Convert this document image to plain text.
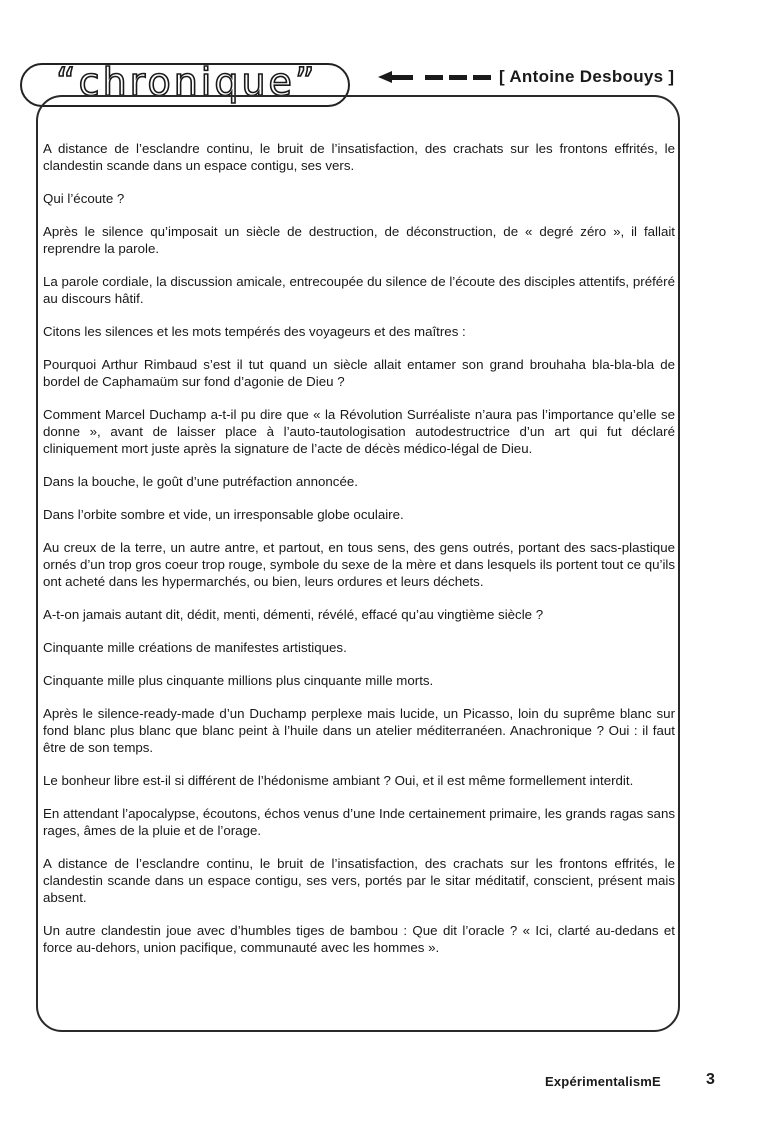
“chronique”	[ Antoine Desbouys ]

A distance de l’esclandre continu, le bruit de l’insatisfaction, des crachats sur les frontons effrités, le clandestin scande dans un espace contigu, ses vers.

Qui l’écoute ?

Après le silence qu’imposait un siècle de destruction, de déconstruction, de « degré zéro », il fallait reprendre la parole.

La parole cordiale, la discussion amicale, entrecoupée du silence de l’écoute des disciples attentifs, préféré au discours hâtif.

Citons les silences et les mots tempérés des voyageurs et des maîtres :

Pourquoi Arthur Rimbaud s’est il tut quand un siècle allait entamer son grand brouhaha bla-bla-bla de bordel de Caphamaüm sur fond d’agonie de Dieu ?

Comment Marcel Duchamp a-t-il pu dire que « la Révolution Surréaliste n’aura pas l’importance qu’elle se donne », avant de laisser place à l’auto-tautologisation autodestructrice d’un art qui fut déclaré cliniquement mort juste après la signature de l’acte de décès médico-légal de Dieu.

Dans la bouche, le goût d’une putréfaction annoncée.

Dans l’orbite sombre et vide, un irresponsable globe oculaire.

Au creux de la terre, un autre antre, et partout, en tous sens, des gens outrés, portant des sacs-plastique ornés d’un trop gros coeur trop rouge, symbole du sexe de la mère et dans lesquels ils portent tout ce qu’ils ont acheté dans les hypermarchés, ou bien, leurs ordures et leurs déchets.

A-t-on jamais autant dit, dédit, menti, démenti, révélé, effacé qu’au vingtième siècle ?

Cinquante mille créations de manifestes artistiques.

Cinquante mille plus cinquante millions plus cinquante mille morts.

Après le silence-ready-made d’un Duchamp perplexe mais lucide, un Picasso, loin du suprême blanc sur fond blanc plus blanc que blanc peint à l’huile dans un atelier méditerranéen. Anachronique ? Oui : il faut être de son temps.

Le bonheur libre est-il si différent de l’hédonisme ambiant ? Oui, et il est même formellement interdit.

En attendant l’apocalypse, écoutons, échos venus d’une Inde certainement primaire, les grands ragas sans rages, âmes de la pluie et de l’orage.

A distance de l’esclandre continu, le bruit de l’insatisfaction, des crachats sur les frontons effrités, le clandestin scande dans un espace contigu, ses vers, portés par le sitar méditatif, conscient, présent mais absent.

Un autre clandestin joue avec d’humbles tiges de bambou : Que dit l’oracle ? « Ici, clarté au-dedans et force au-dehors, union pacifique, communauté avec les hommes ».

ExpérimentalismE	3
